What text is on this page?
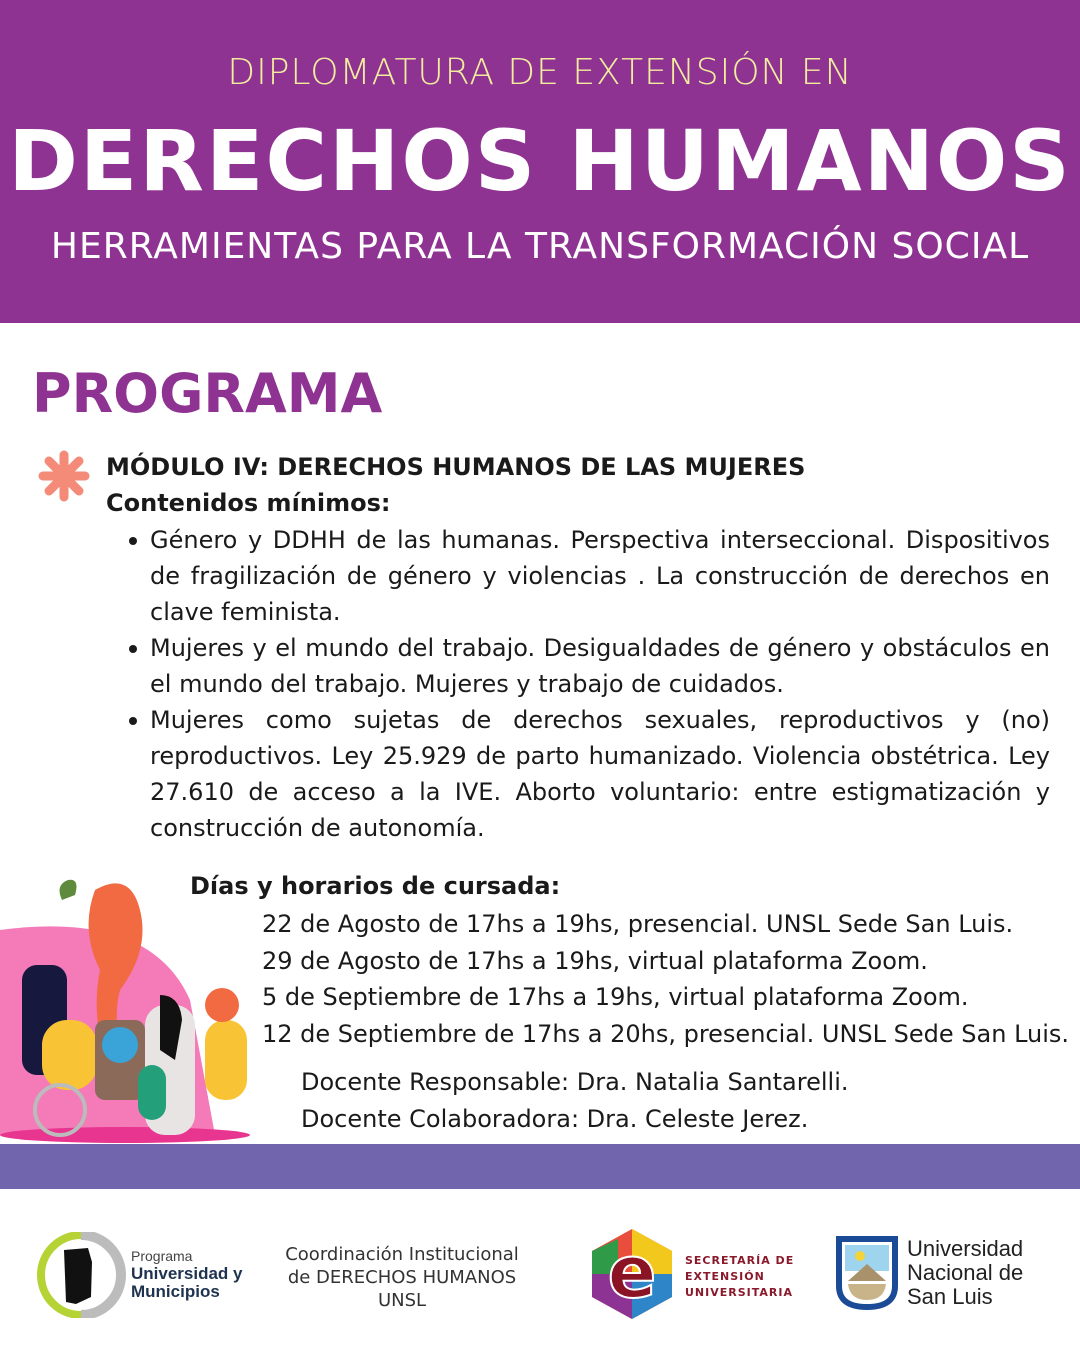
DIPLOMATURA DE EXTENSIÓN EN
DERECHOS HUMANOS
HERRAMIENTAS PARA LA TRANSFORMACIÓN SOCIAL
PROGRAMA
MÓDULO IV: DERECHOS HUMANOS DE LAS MUJERES
Contenidos mínimos:
Género y DDHH de las humanas. Perspectiva interseccional. Dispositivos de fragilización de género y violencias . La construcción de derechos en clave feminista.
Mujeres y el mundo del trabajo. Desigualdades de género y obstáculos en el mundo del trabajo. Mujeres y trabajo de cuidados.
Mujeres como sujetas de derechos sexuales, reproductivos y (no) reproductivos. Ley 25.929 de parto humanizado. Violencia obstétrica. Ley 27.610 de acceso a la IVE. Aborto voluntario: entre estigmatización y construcción de autonomía.
Días y horarios de cursada:
22 de Agosto de 17hs a 19hs, presencial. UNSL Sede San Luis.
29 de Agosto de 17hs a 19hs, virtual plataforma Zoom.
5 de Septiembre de 17hs a 19hs, virtual plataforma Zoom.
12 de Septiembre de 17hs a 20hs, presencial. UNSL Sede San Luis.
Docente Responsable: Dra. Natalia Santarelli.
Docente Colaboradora: Dra. Celeste Jerez.
Programa
Universidad y
Municipios
Coordinación Institucional
de DERECHOS HUMANOS
UNSL	e	SECRETARÍA DE
EXTENSIÓN
UNIVERSITARIA
Universidad
Nacional de
San Luis
